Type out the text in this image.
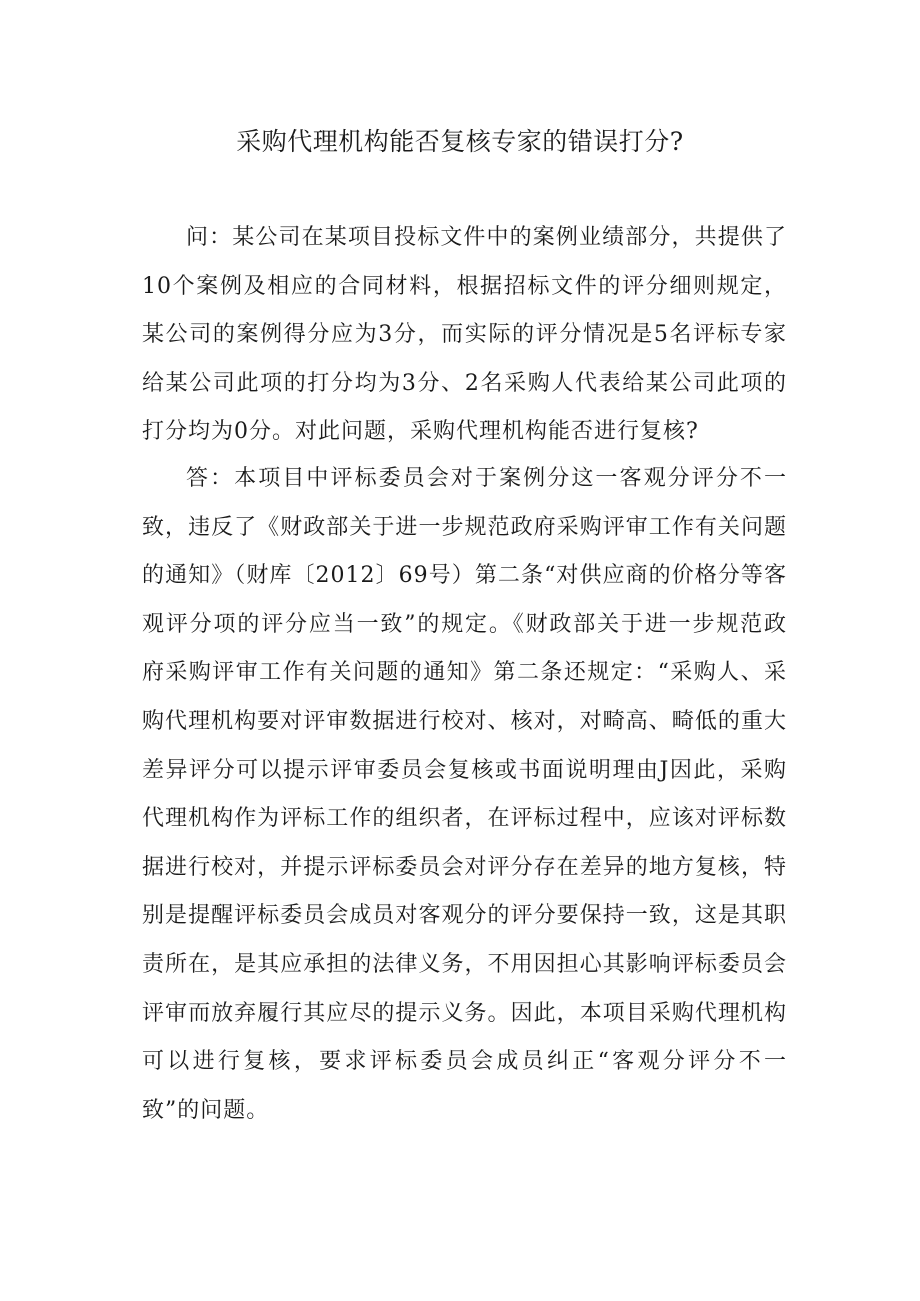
采购代理机构能否复核专家的错误打分?

问：某公司在某项目投标文件中的案例业绩部分，共提供了10个案例及相应的合同材料，根据招标文件的评分细则规定，某公司的案例得分应为3分，而实际的评分情况是5名评标专家给某公司此项的打分均为3分、2名采购人代表给某公司此项的打分均为0分。对此问题，采购代理机构能否进行复核?

答：本项目中评标委员会对于案例分这一客观分评分不一致，违反了《财政部关于进一步规范政府采购评审工作有关问题的通知》（财库〔2012〕69号）第二条“对供应商的价格分等客观评分项的评分应当一致”的规定。《财政部关于进一步规范政府采购评审工作有关问题的通知》第二条还规定：“采购人、采购代理机构要对评审数据进行校对、核对，对畸高、畸低的重大差异评分可以提示评审委员会复核或书面说明理由J因此，采购代理机构作为评标工作的组织者，在评标过程中，应该对评标数据进行校对，并提示评标委员会对评分存在差异的地方复核，特别是提醒评标委员会成员对客观分的评分要保持一致，这是其职责所在，是其应承担的法律义务，不用因担心其影响评标委员会评审而放弃履行其应尽的提示义务。因此，本项目采购代理机构可以进行复核，要求评标委员会成员纠正“客观分评分不一致”的问题。
